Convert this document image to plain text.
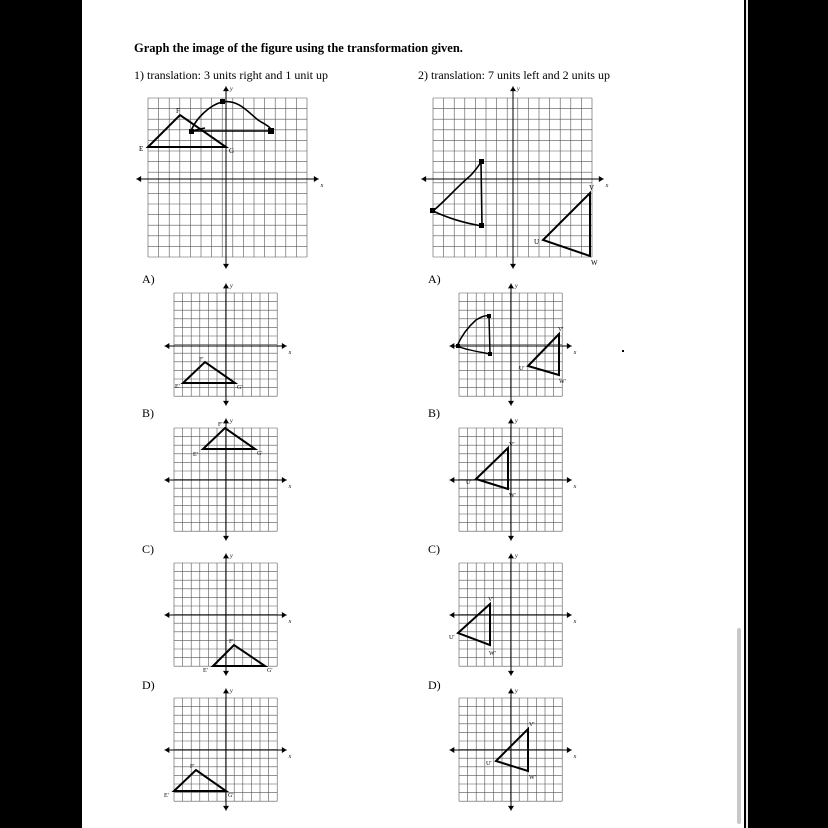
Graph the image of the figure using the transformation given.
1) translation: 3 units right and 1 unit up	2) translation: 7 units left and 2 units up
E
F
G
x
y
U
V
W
x
y
A)
E'
F'
G'
x
y
B)
E'
F'
G'
x
y
C)
E'
F'
G'
x
y
D)
E'
F'
G'
x
y
A)
U'
V'
W'
x
y
B)
U'
V'
W'
x
y
C)
U'
V'
W'
x
y
D)
U'
V'
W'
x
y
